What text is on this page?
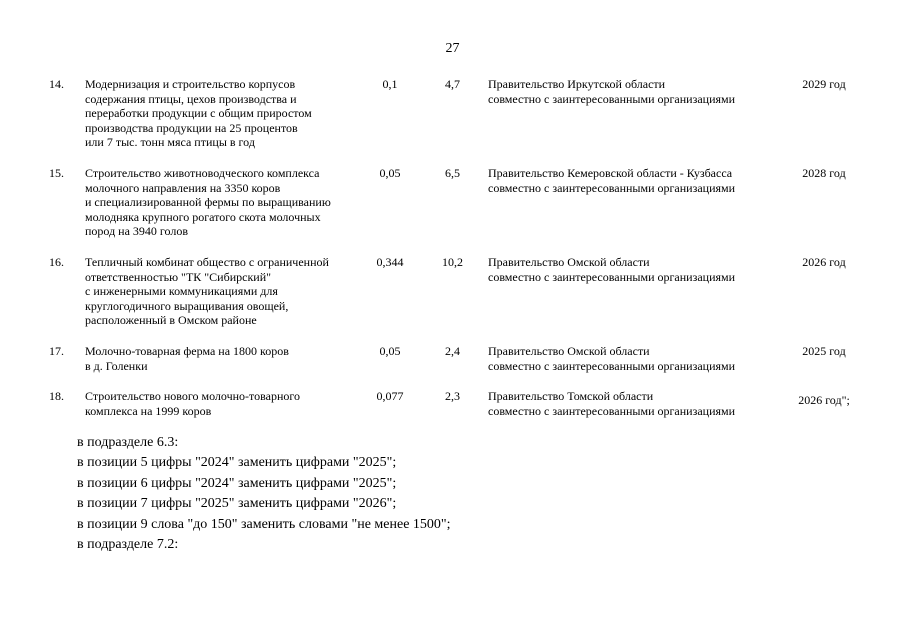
27
14.	Модернизация и строительство корпусов
содержания птицы, цехов производства и
переработки продукции с общим приростом
производства продукции на 25 процентов
или 7 тыс. тонн мяса птицы в год
0,1	4,7	Правительство Иркутской области
совместно с заинтересованными организациями
2029 год
15.	Строительство животноводческого комплекса
молочного направления на 3350 коров
и специализированной фермы по выращиванию
молодняка крупного рогатого скота молочных
пород на 3940 голов
0,05	6,5	Правительство Кемеровской области - Кузбасса
совместно с заинтересованными организациями
2028 год
16.	Тепличный комбинат общество с ограниченной
ответственностью "ТК "Сибирский"
с инженерными коммуникациями для
круглогодичного выращивания овощей,
расположенный в Омском районе
0,344	10,2	Правительство Омской области
совместно с заинтересованными организациями
2026 год
17.	Молочно-товарная ферма на 1800 коров
в д. Голенки
0,05	2,4	Правительство Омской области
совместно с заинтересованными организациями
2025 год
18.	Строительство нового молочно-товарного
комплекса на 1999 коров
0,077	2,3	Правительство Томской области
совместно с заинтересованными организациями
2026 год";
в подразделе 6.3:
в позиции 5 цифры "2024" заменить цифрами "2025";
в позиции 6 цифры "2024" заменить цифрами "2025";
в позиции 7 цифры "2025" заменить цифрами "2026";
в позиции 9 слова "до 150" заменить словами "не менее 1500";
в подразделе 7.2:
